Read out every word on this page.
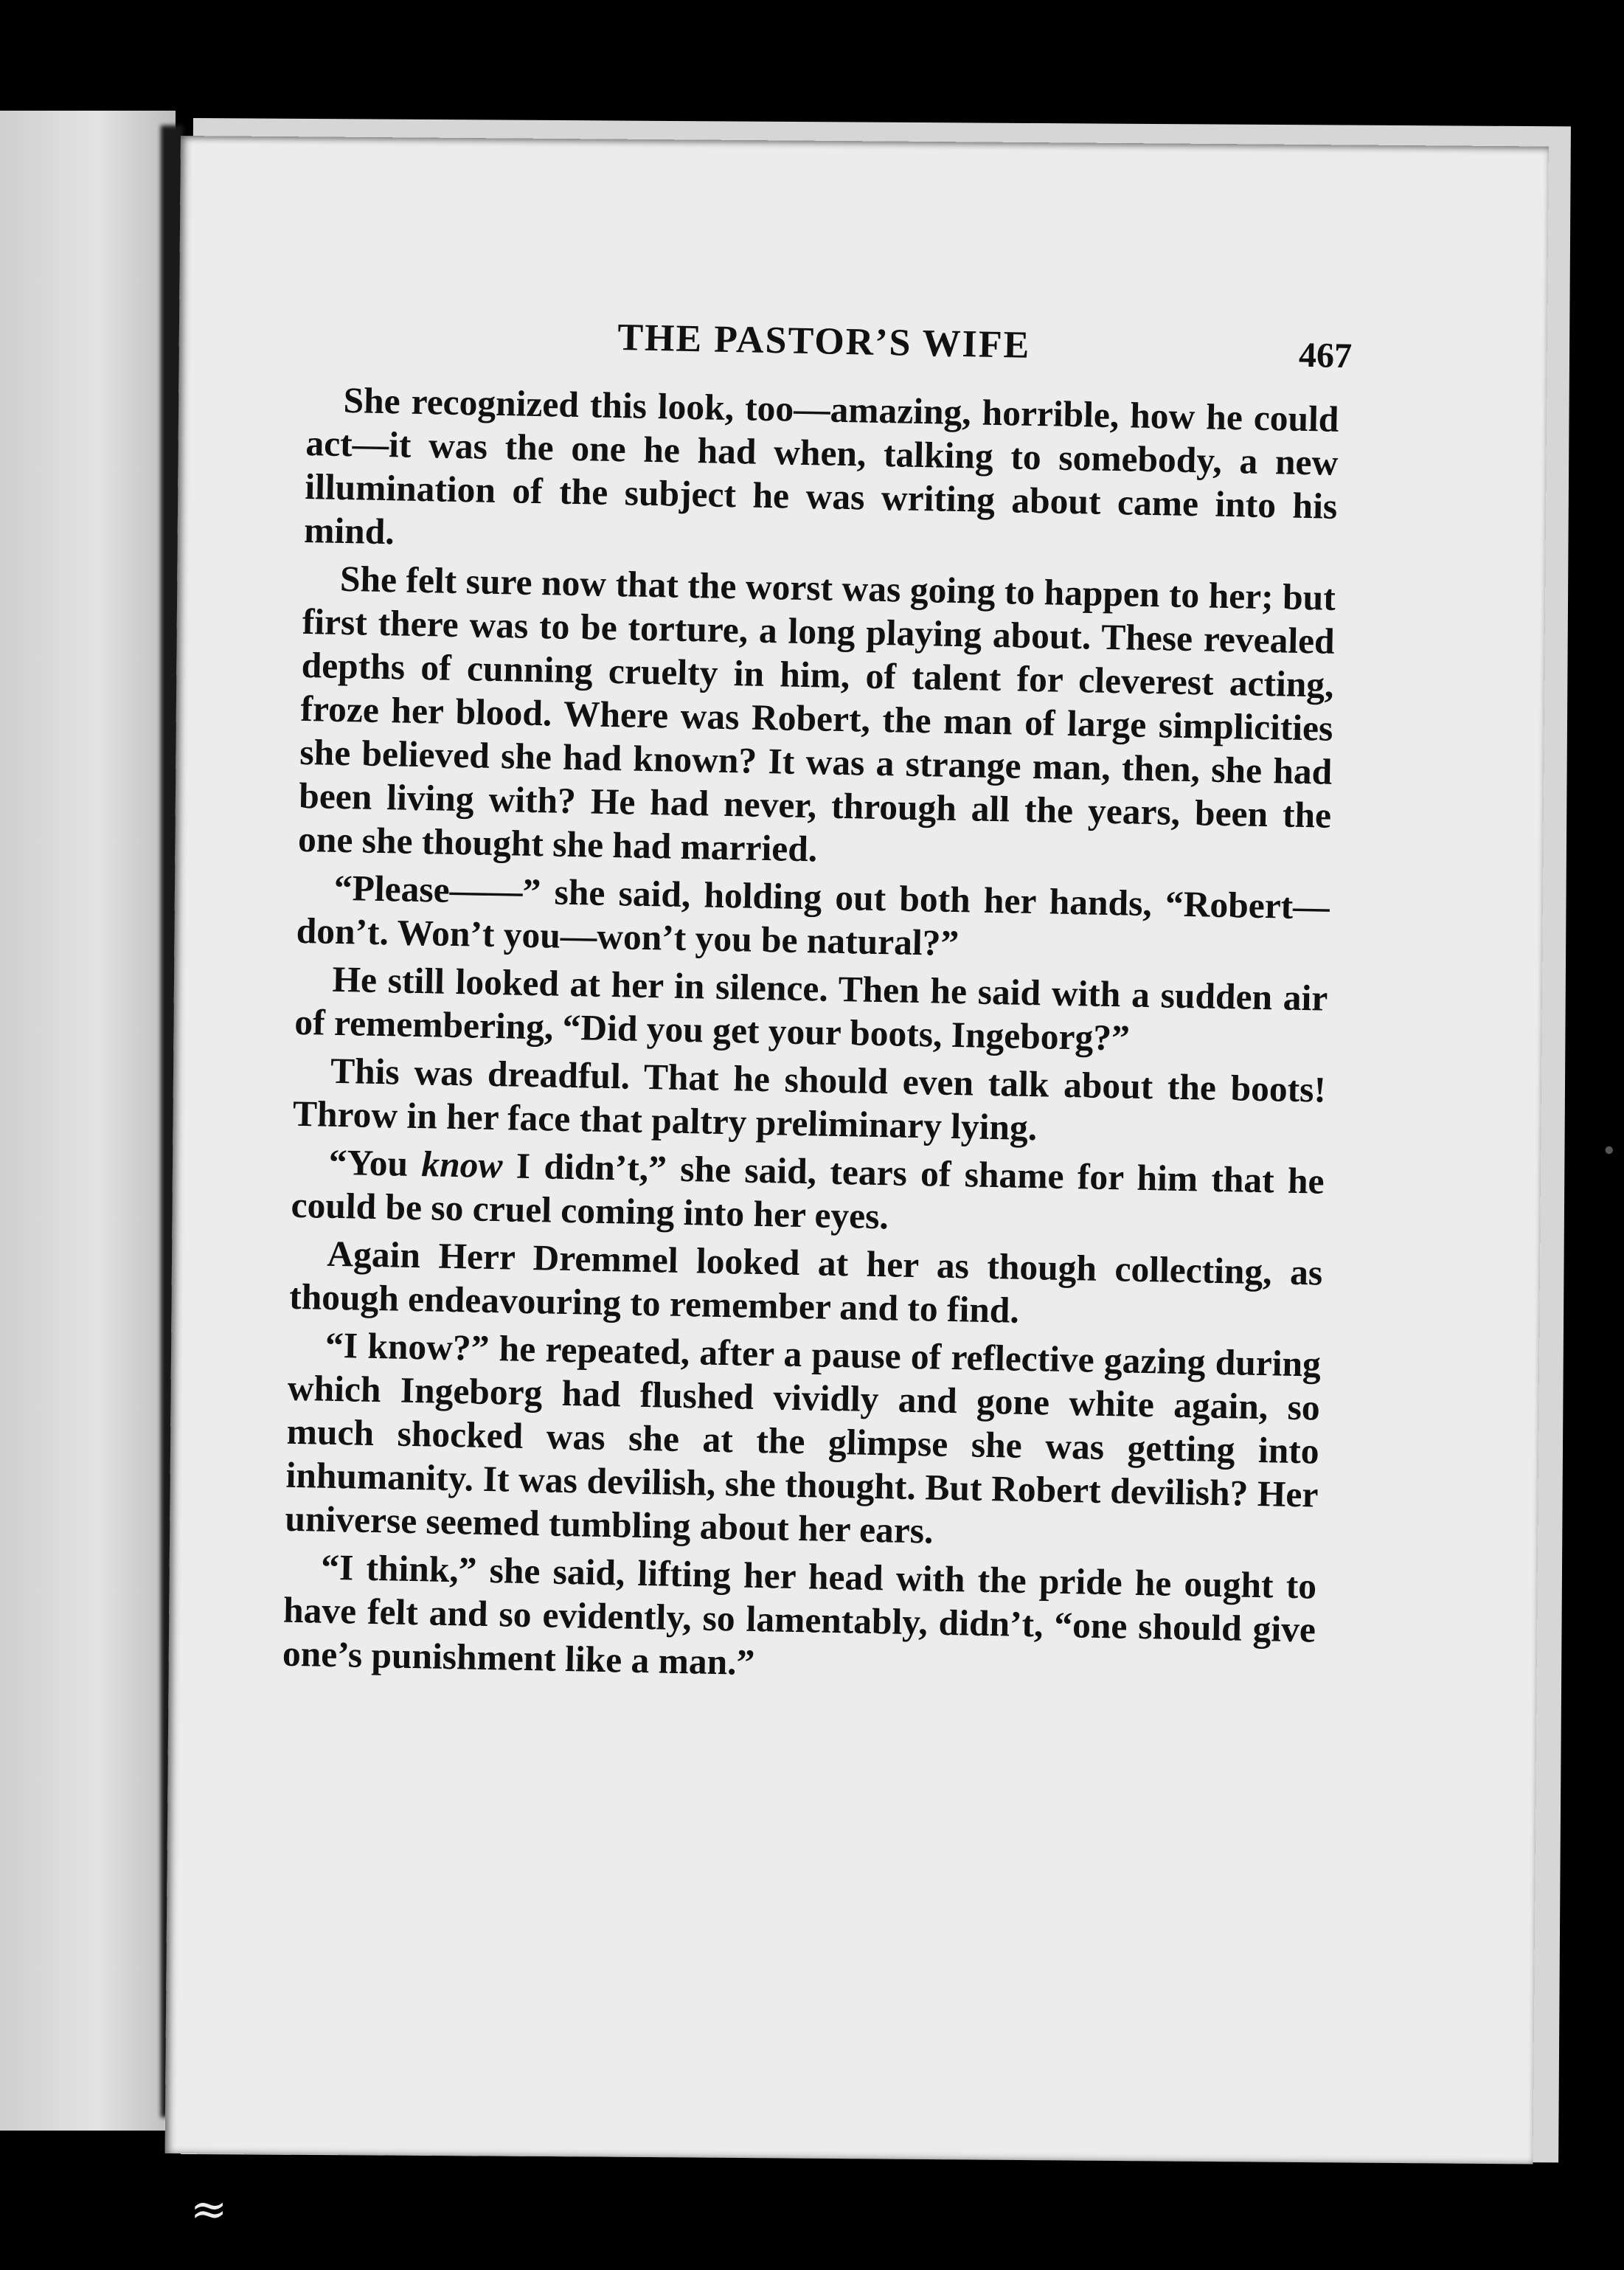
THE PASTOR’S WIFE	467

She recognized this look, too—amazing, horrible, how he could act—it was the one he had when, talking to somebody, a new illumination of the subject he was writing about came into his mind.

She felt sure now that the worst was going to happen to her; but first there was to be torture, a long playing about. These revealed depths of cunning cruelty in him, of talent for cleverest acting, froze her blood. Where was Robert, the man of large simplicities she believed she had known? It was a strange man, then, she had been living with? He had never, through all the years, been the one she thought she had married.

“Please——” she said, holding out both her hands, “Robert—don’t. Won’t you—won’t you be natural?”

He still looked at her in silence. Then he said with a sudden air of remembering, “Did you get your boots, Ingeborg?”

This was dreadful. That he should even talk about the boots! Throw in her face that paltry preliminary lying.

“You know I didn’t,” she said, tears of shame for him that he could be so cruel coming into her eyes.

Again Herr Dremmel looked at her as though collecting, as though endeavouring to remember and to find.

“I know?” he repeated, after a pause of reflective gazing during which Ingeborg had flushed vividly and gone white again, so much shocked was she at the glimpse she was getting into inhumanity. It was devilish, she thought. But Robert devilish? Her universe seemed tumbling about her ears.

“I think,” she said, lifting her head with the pride he ought to have felt and so evidently, so lamentably, didn’t, “one should give one’s punishment like a man.”

≈
•
